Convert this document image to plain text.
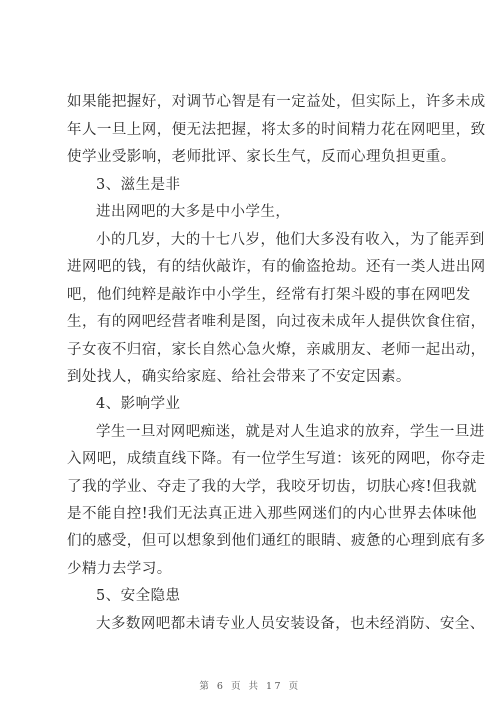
如果能把握好，对调节心智是有一定益处，但实际上，许多未成
年人一旦上网，便无法把握，将太多的时间精力花在网吧里，致
使学业受影响，老师批评、家长生气，反而心理负担更重。
3、滋生是非
进出网吧的大多是中小学生，
小的几岁，大的十七八岁，他们大多没有收入，为了能弄到
进网吧的钱，有的结伙敲诈，有的偷盗抢劫。还有一类人进出网
吧，他们纯粹是敲诈中小学生，经常有打架斗殴的事在网吧发
生，有的网吧经营者唯利是图，向过夜未成年人提供饮食住宿，
子女夜不归宿，家长自然心急火燎，亲戚朋友、老师一起出动，
到处找人，确实给家庭、给社会带来了不安定因素。
4、影响学业
学生一旦对网吧痴迷，就是对人生追求的放弃，学生一旦进
入网吧，成绩直线下降。有一位学生写道：该死的网吧，你夺走
了我的学业、夺走了我的大学，我咬牙切齿，切肤心疼!但我就
是不能自控!我们无法真正进入那些网迷们的内心世界去体味他
们的感受，但可以想象到他们通红的眼睛、疲惫的心理到底有多
少精力去学习。
5、安全隐患
大多数网吧都未请专业人员安装设备，也未经消防、安全、
第 6 页 共 17 页
